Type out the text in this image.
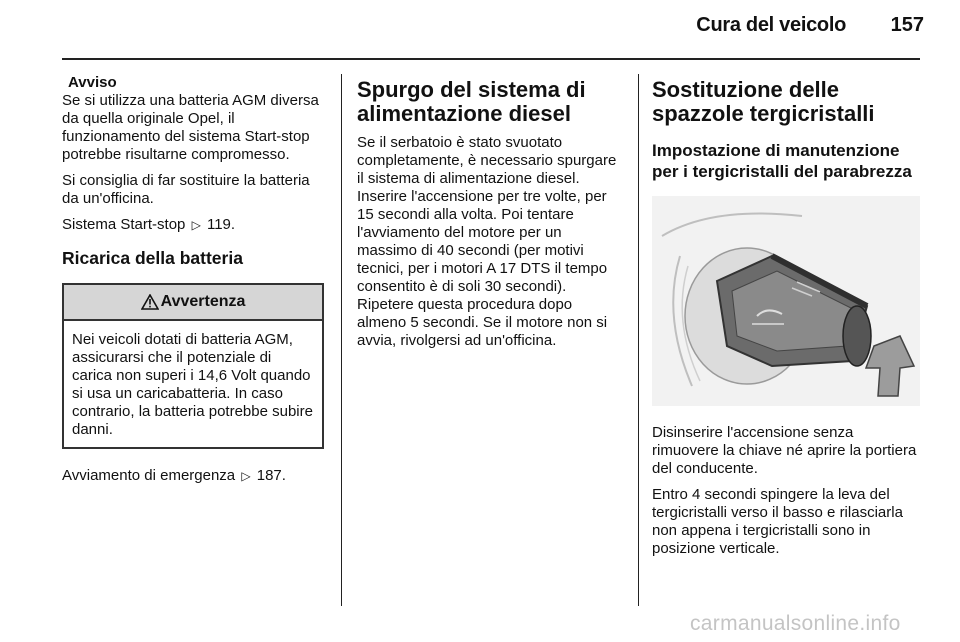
Cura del veicolo	157
Avviso

Se si utilizza una batteria AGM diversa da quella originale Opel, il funzionamento del sistema Start-stop potrebbe risultarne compromesso.

Si consiglia di far sostituire la batteria da un'officina.

Sistema Start-stop ▷ 119.

Ricarica della batteria
Avvertenza
Nei veicoli dotati di batteria AGM, assicurarsi che il potenziale di carica non superi i 14,6 Volt quando si usa un caricabatteria. In caso contrario, la batteria potrebbe subire danni.

Avviamento di emergenza ▷ 187.

Spurgo del sistema di alimentazione diesel

Se il serbatoio è stato svuotato completamente, è necessario spurgare il sistema di alimentazione diesel. Inserire l'accensione per tre volte, per 15 secondi alla volta. Poi tentare l'avviamento del motore per un massimo di 40 secondi (per motivi tecnici, per i motori A 17 DTS il tempo consentito è di soli 30 secondi). Ripetere questa procedura dopo almeno 5 secondi. Se il motore non si avvia, rivolgersi ad un'officina.

Sostituzione delle spazzole tergicristalli
Impostazione di manutenzione per i tergicristalli del parabrezza

Disinserire l'accensione senza rimuovere la chiave né aprire la portiera del conducente.

Entro 4 secondi spingere la leva del tergicristalli verso il basso e rilasciarla non appena i tergicristalli sono in posizione verticale.

carmanualsonline.info
